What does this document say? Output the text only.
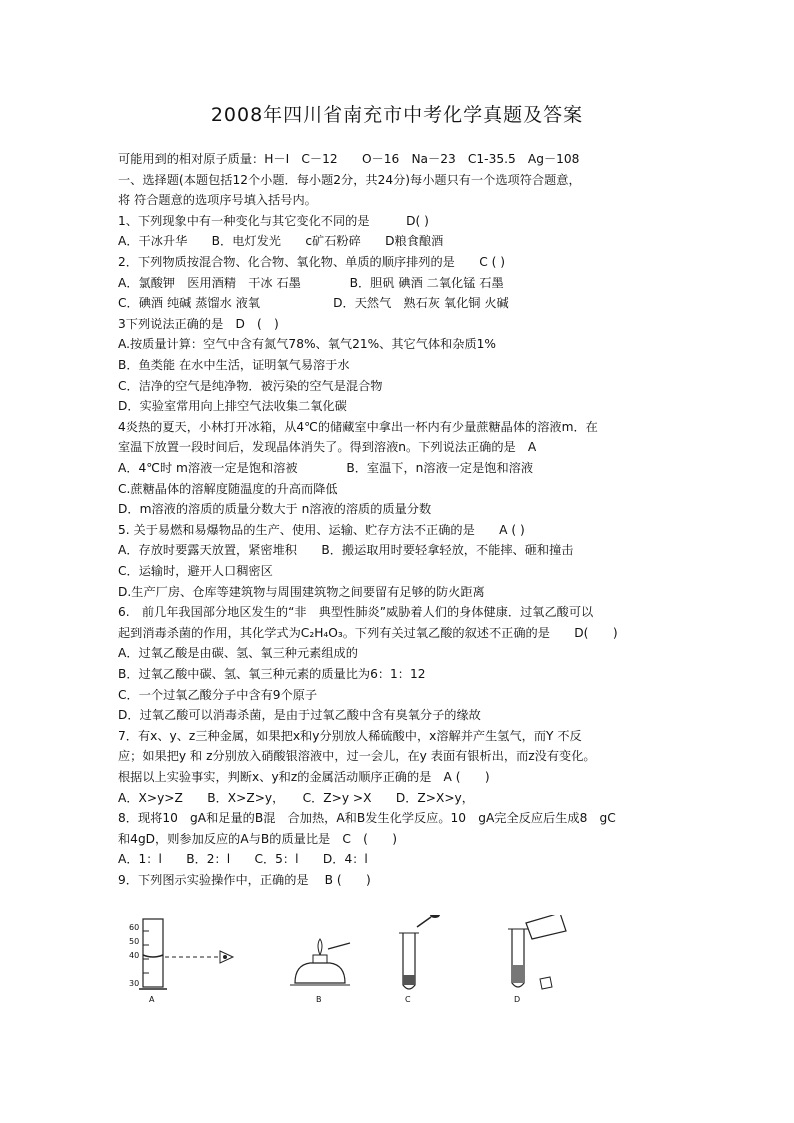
2008年四川省南充市中考化学真题及答案
可能用到的相对原子质量：H－I　C－12　　O－16　Na－23　C1-35.5　Ag－108
一、选择题(本题包括12个小题．每小题2分，共24分)每小题只有一个选项符合题意，
将 符合题意的选项序号填入括号内。
1、下列现象中有一种变化与其它变化不同的是　　　D( )
A．干冰升华　　B．电灯发光　　c矿石粉碎　　D粮食酿酒
2．下列物质按混合物、化合物、氧化物、单质的顺序排列的是　　C ( )
A．氯酸钾　医用酒精　干冰 石墨　　　　B．胆矾 碘酒 二氧化锰 石墨
C．碘酒 纯碱 蒸馏水 液氧　　　　　　D．天然气　熟石灰 氧化铜 火碱
3下列说法正确的是　D　(　)
A.按质量计算：空气中含有氮气78%、氧气21%、其它气体和杂质1%
B．鱼类能 在水中生活，证明氧气易溶于水
C．洁净的空气是纯净物．被污染的空气是混合物
D．实验室常用向上排空气法收集二氧化碳
4炎热的夏天，小林打开冰箱，从4℃的储藏室中拿出一杯内有少量蔗糖晶体的溶液m．在
室温下放置一段时间后，发现晶体消失了。得到溶液n。下列说法正确的是　A
A．4℃时 m溶液一定是饱和溶被　　　　B．室温下，n溶液一定是饱和溶液
C.蔗糖晶体的溶解度随温度的升高而降低
D．m溶液的溶质的质量分数大于 n溶液的溶质的质量分数
5. 关于易燃和易爆物品的生产、使用、运输、贮存方法不正确的是　　A ( )
A．存放时要露天放置，紧密堆积　　B．搬运取用时要轻拿轻放，不能摔、砸和撞击
C．运输时，避开人口稠密区
D.生产厂房、仓库等建筑物与周围建筑物之间要留有足够的防火距离
6.　前几年我国部分地区发生的“非　典型性肺炎”威胁着人们的身体健康．过氧乙酸可以
起到消毒杀菌的作用，其化学式为C₂H₄O₃。下列有关过氧乙酸的叙述不正确的是　　D(　　)
A．过氧乙酸是由碳、氢、氧三种元素组成的
B．过氧乙酸中碳、氢、氧三种元素的质量比为6：1：12
C．一个过氧乙酸分子中含有9个原子
D．过氧乙酸可以消毒杀菌，是由于过氧乙酸中含有臭氧分子的缘故
7．有x、y、z三种金属，如果把x和y分别放人稀硫酸中，x溶解并产生氢气，而Y 不反
应；如果把y 和 z分别放入硝酸银溶液中，过一会儿，在y 表面有银析出，而z没有变化。
根据以上实验事实，判断x、y和z的金属活动顺序正确的是　A (　　)
A．X>y>Z　　B．X>Z>y，　　C．Z>y >X　　D．Z>X>y，
8．现将10　gA和足量的B混　合加热，A和B发生化学反应。10　gA完全反应后生成8　gC
和4gD，则参加反应的A与B的质量比是　C　(　　)
A．1：l　　B．2：l　　C．5：l　　D．4：l
9．下列图示实验操作中，正确的是　 B (　　)
60
50
40
30
A	B	C	D
